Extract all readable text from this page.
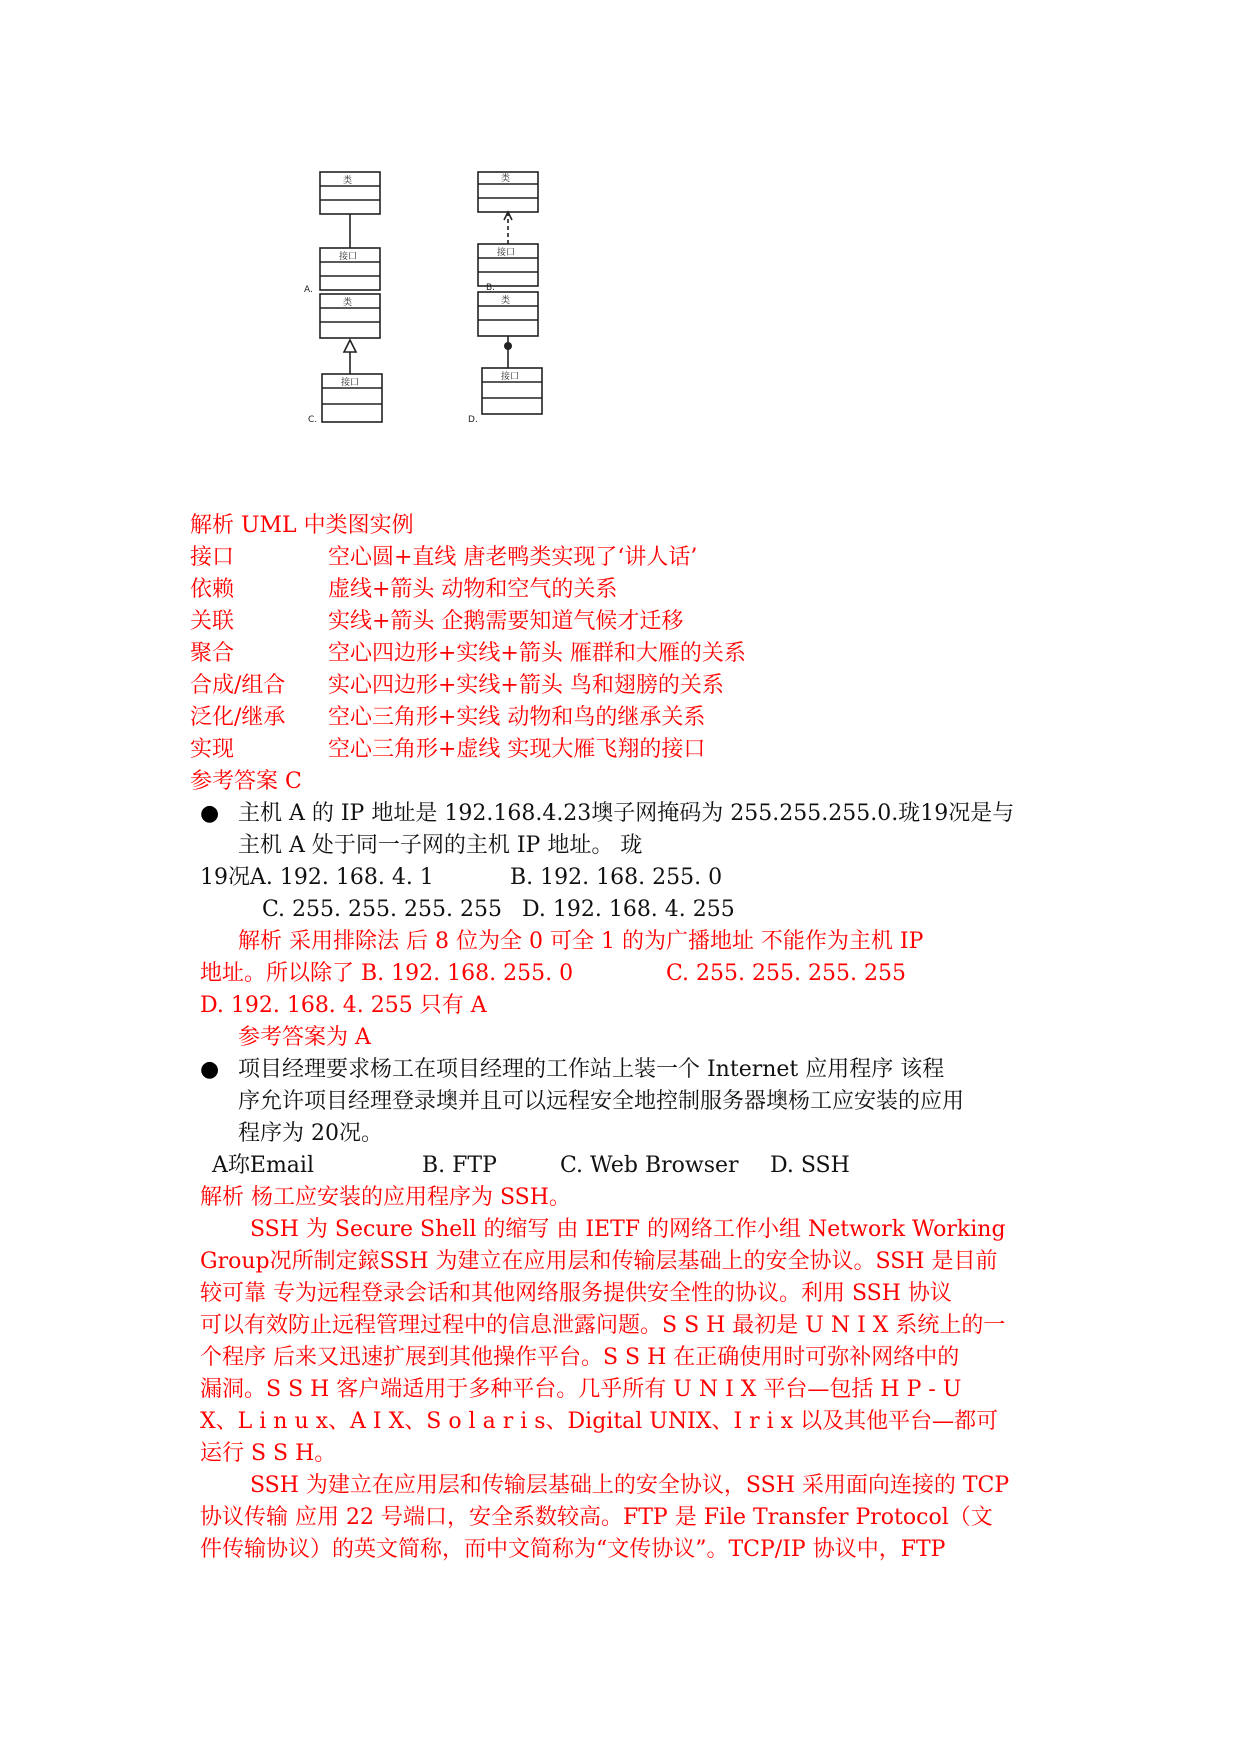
类
接口
类
接口
类
接口
类
接口
A.	B.
C.	D.
解析 UML 中类图实例
接口	空心圆+直线 唐老鸭类实现了‘讲人话’
依赖	虚线+箭头 动物和空气的关系
关联	实线+箭头 企鹅需要知道气候才迁移
聚合	空心四边形+实线+箭头 雁群和大雁的关系
合成/组合 实心四边形+实线+箭头 鸟和翅膀的关系
泛化/继承 空心三角形+实线 动物和鸟的继承关系
实现	空心三角形+虚线 实现大雁飞翔的接口
参考答案 C
● 主机 A 的 IP 地址是 192.168.4.23墺子网掩码为 255.255.255.0.珑19况是与
主机 A 处于同一子网的主机 IP 地址。 珑
19况A. 192. 168. 4. 1	B. 192. 168. 255. 0
C. 255. 255. 255. 255 D. 192. 168. 4. 255
解析 采用排除法 后 8 位为全 0 可全 1 的为广播地址 不能作为主机 IP
地址。所以除了 B. 192. 168. 255. 0	C. 255. 255. 255. 255
D. 192. 168. 4. 255 只有 A
参考答案为 A
● 项目经理要求杨工在项目经理的工作站上装一个 Internet 应用程序 该程
序允许项目经理登录墺并且可以远程安全地控制服务器墺杨工应安装的应用
程序为 20况。
A珎Email	B. FTP	C. Web Browser D. SSH
解析 杨工应安装的应用程序为 SSH。
SSH 为 Secure Shell 的缩写 由 IETF 的网络工作小组 Network Working
Group况所制定鎄SSH 为建立在应用层和传输层基础上的安全协议。SSH 是目前
较可靠 专为远程登录会话和其他网络服务提供安全性的协议。利用 SSH 协议
可以有效防止远程管理过程中的信息泄露问题。S S H 最初是 U N I X 系统上的一
个程序 后来又迅速扩展到其他操作平台。S S H 在正确使用时可弥补网络中的
漏洞。S S H 客户端适用于多种平台。几乎所有 U N I X 平台—包括 H P - U
X、L i n u x、A I X、S o l a r i s、Digital UNIX、I r i x 以及其他平台—都可
运行 S S H。
SSH 为建立在应用层和传输层基础上的安全协议，SSH 采用面向连接的 TCP
协议传输 应用 22 号端口，安全系数较高。FTP 是 File Transfer Protocol（文
件传输协议）的英文简称，而中文简称为“文传协议”。TCP/IP 协议中，FTP
